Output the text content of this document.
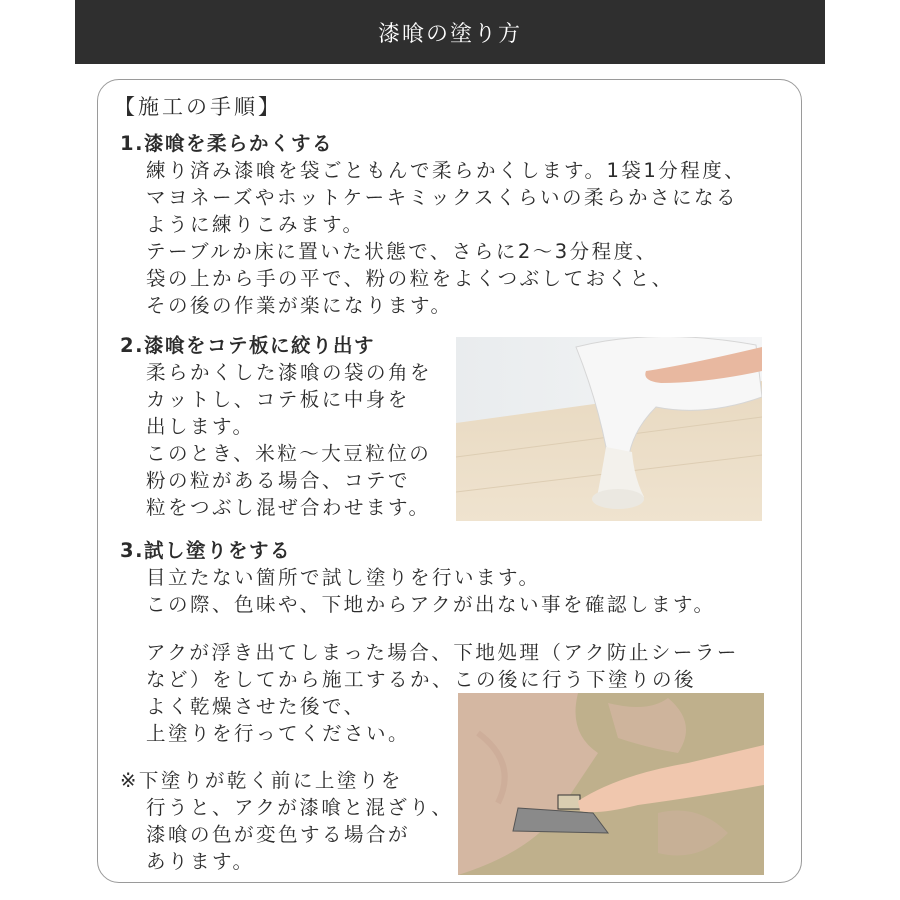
漆喰の塗り方

【施工の手順】

1.漆喰を柔らかくする

練り済み漆喰を袋ごともんで柔らかくします。1袋1分程度、

マヨネーズやホットケーキミックスくらいの柔らかさになる

ように練りこみます。

テーブルか床に置いた状態で、さらに2〜3分程度、

袋の上から手の平で、粉の粒をよくつぶしておくと、

その後の作業が楽になります。

2.漆喰をコテ板に絞り出す

柔らかくした漆喰の袋の角を

カットし、コテ板に中身を

出します。

このとき、米粒〜大豆粒位の

粉の粒がある場合、コテで

粒をつぶし混ぜ合わせます。

3.試し塗りをする

目立たない箇所で試し塗りを行います。

この際、色味や、下地からアクが出ない事を確認します。

アクが浮き出てしまった場合、下地処理（アク防止シーラー

など）をしてから施工するか、この後に行う下塗りの後

よく乾燥させた後で、

上塗りを行ってください。

※下塗りが乾く前に上塗りを

行うと、アクが漆喰と混ざり、

漆喰の色が変色する場合が

あります。
